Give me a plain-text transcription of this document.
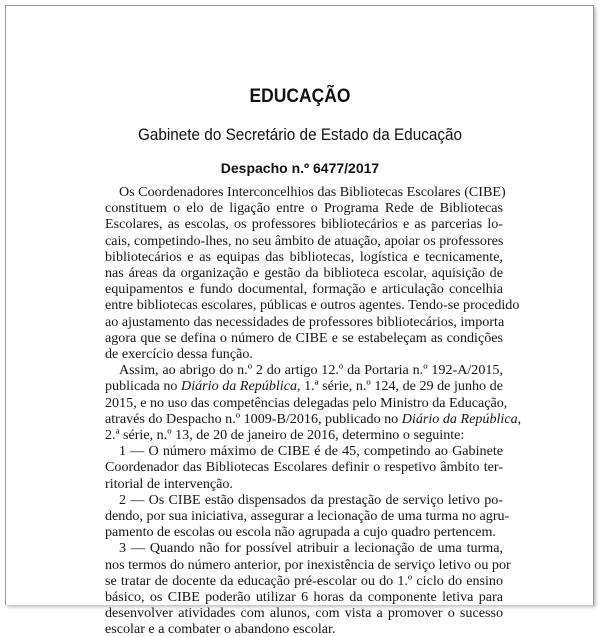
EDUCAÇÃO
Gabinete do Secretário de Estado da Educação
Despacho n.º 6477/2017
Os Coordenadores Interconcelhios das Bibliotecas Escolares (CIBE)
constituem o elo de ligação entre o Programa Rede de Bibliotecas
Escolares, as escolas, os professores bibliotecários e as parcerias lo-
cais, competindo-lhes, no seu âmbito de atuação, apoiar os professores
bibliotecários e as equipas das bibliotecas, logística e tecnicamente,
nas áreas da organização e gestão da biblioteca escolar, aquisição de
equipamentos e fundo documental, formação e articulação concelhia
entre bibliotecas escolares, públicas e outros agentes. Tendo-se procedido
ao ajustamento das necessidades de professores bibliotecários, importa
agora que se defina o número de CIBE e se estabeleçam as condições
de exercício dessa função.
Assim, ao abrigo do n.º 2 do artigo 12.º da Portaria n.º 192-A/2015,
publicada no Diário da República, 1.ª série, n.º 124, de 29 de junho de
2015, e no uso das competências delegadas pelo Ministro da Educação,
através do Despacho n.º 1009-B/2016, publicado no Diário da República,
2.ª série, n.º 13, de 20 de janeiro de 2016, determino o seguinte:
1 — O número máximo de CIBE é de 45, competindo ao Gabinete
Coordenador das Bibliotecas Escolares definir o respetivo âmbito ter-
ritorial de intervenção.
2 — Os CIBE estão dispensados da prestação de serviço letivo po-
dendo, por sua iniciativa, assegurar a lecionação de uma turma no agru-
pamento de escolas ou escola não agrupada a cujo quadro pertencem.
3 — Quando não for possível atribuir a lecionação de uma turma,
nos termos do número anterior, por inexistência de serviço letivo ou por
se tratar de docente da educação pré-escolar ou do 1.º ciclo do ensino
básico, os CIBE poderão utilizar 6 horas da componente letiva para
desenvolver atividades com alunos, com vista a promover o sucesso
escolar e a combater o abandono escolar.
